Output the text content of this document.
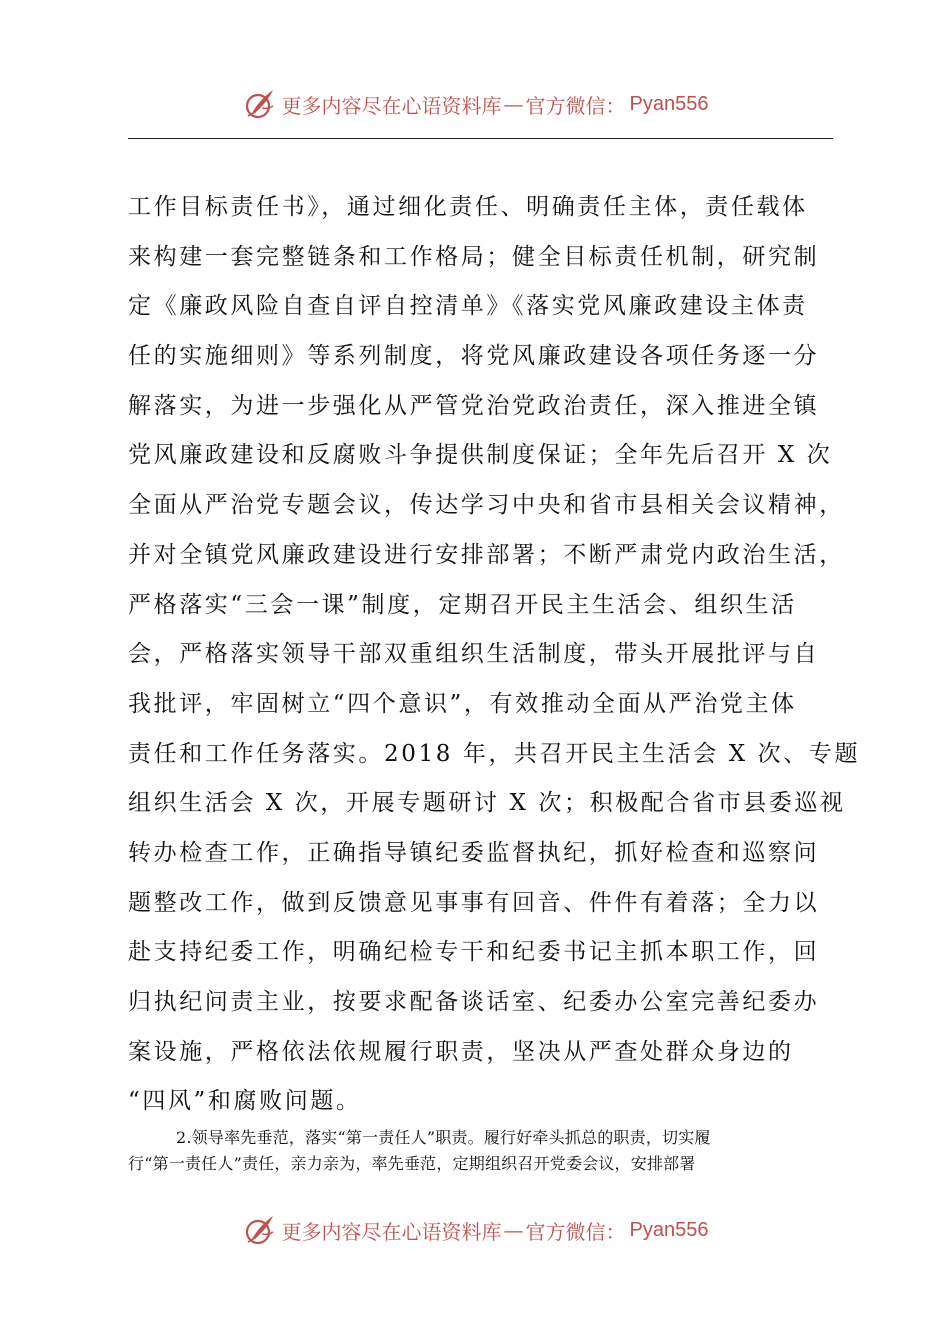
更多内容尽在心语资料库 — 官方微信： Pyan556
工作目标责任书》，通过细化责任、明确责任主体，责任载体
来构建一套完整链条和工作格局；健全目标责任机制，研究制
定《廉政风险自查自评自控清单》《落实党风廉政建设主体责
任的实施细则》等系列制度，将党风廉政建设各项任务逐一分
解落实，为进一步强化从严管党治党政治责任，深入推进全镇
党风廉政建设和反腐败斗争提供制度保证；全年先后召开 X 次
全面从严治党专题会议，传达学习中央和省市县相关会议精神，
并对全镇党风廉政建设进行安排部署；不断严肃党内政治生活，
严格落实“三会一课”制度，定期召开民主生活会、组织生活
会，严格落实领导干部双重组织生活制度，带头开展批评与自
我批评，牢固树立“四个意识”，有效推动全面从严治党主体
责任和工作任务落实。2018 年，共召开民主生活会 X 次、专题
组织生活会 X 次，开展专题研讨 X 次；积极配合省市县委巡视
转办检查工作，正确指导镇纪委监督执纪，抓好检查和巡察问
题整改工作，做到反馈意见事事有回音、件件有着落；全力以
赴支持纪委工作，明确纪检专干和纪委书记主抓本职工作，回
归执纪问责主业，按要求配备谈话室、纪委办公室完善纪委办
案设施，严格依法依规履行职责，坚决从严查处群众身边的
“四风”和腐败问题。
2.领导率先垂范，落实“第一责任人”职责。履行好牵头抓总的职责，切实履
行“第一责任人”责任，亲力亲为，率先垂范，定期组织召开党委会议，安排部署
更多内容尽在心语资料库 — 官方微信： Pyan556
